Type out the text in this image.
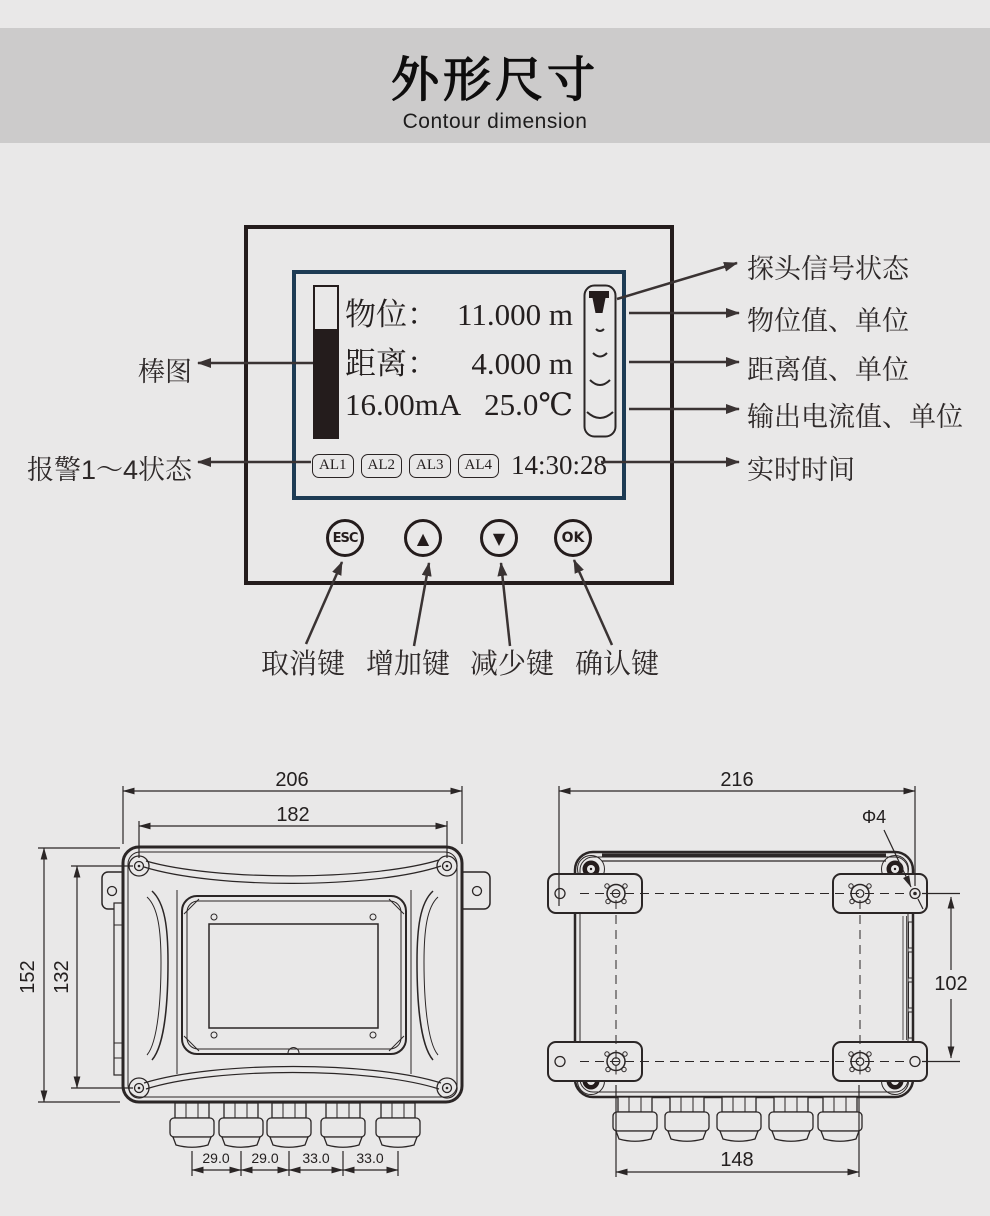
外形尺寸
Contour dimension
物位： 11.000 m
距离： 4.000 m
16.00mA 25.0℃
AL1	AL2	AL3	AL4 14:30:28
ESC	▲	▼	OK
棒图
报警1～4状态
探头信号状态
物位值、单位
距离值、单位
输出电流值、单位
实时时间
取消键 增加键 减少键 确认键
206
182
152 132
29.0 29.0 33.0 33.0
216
Φ4
102
148
